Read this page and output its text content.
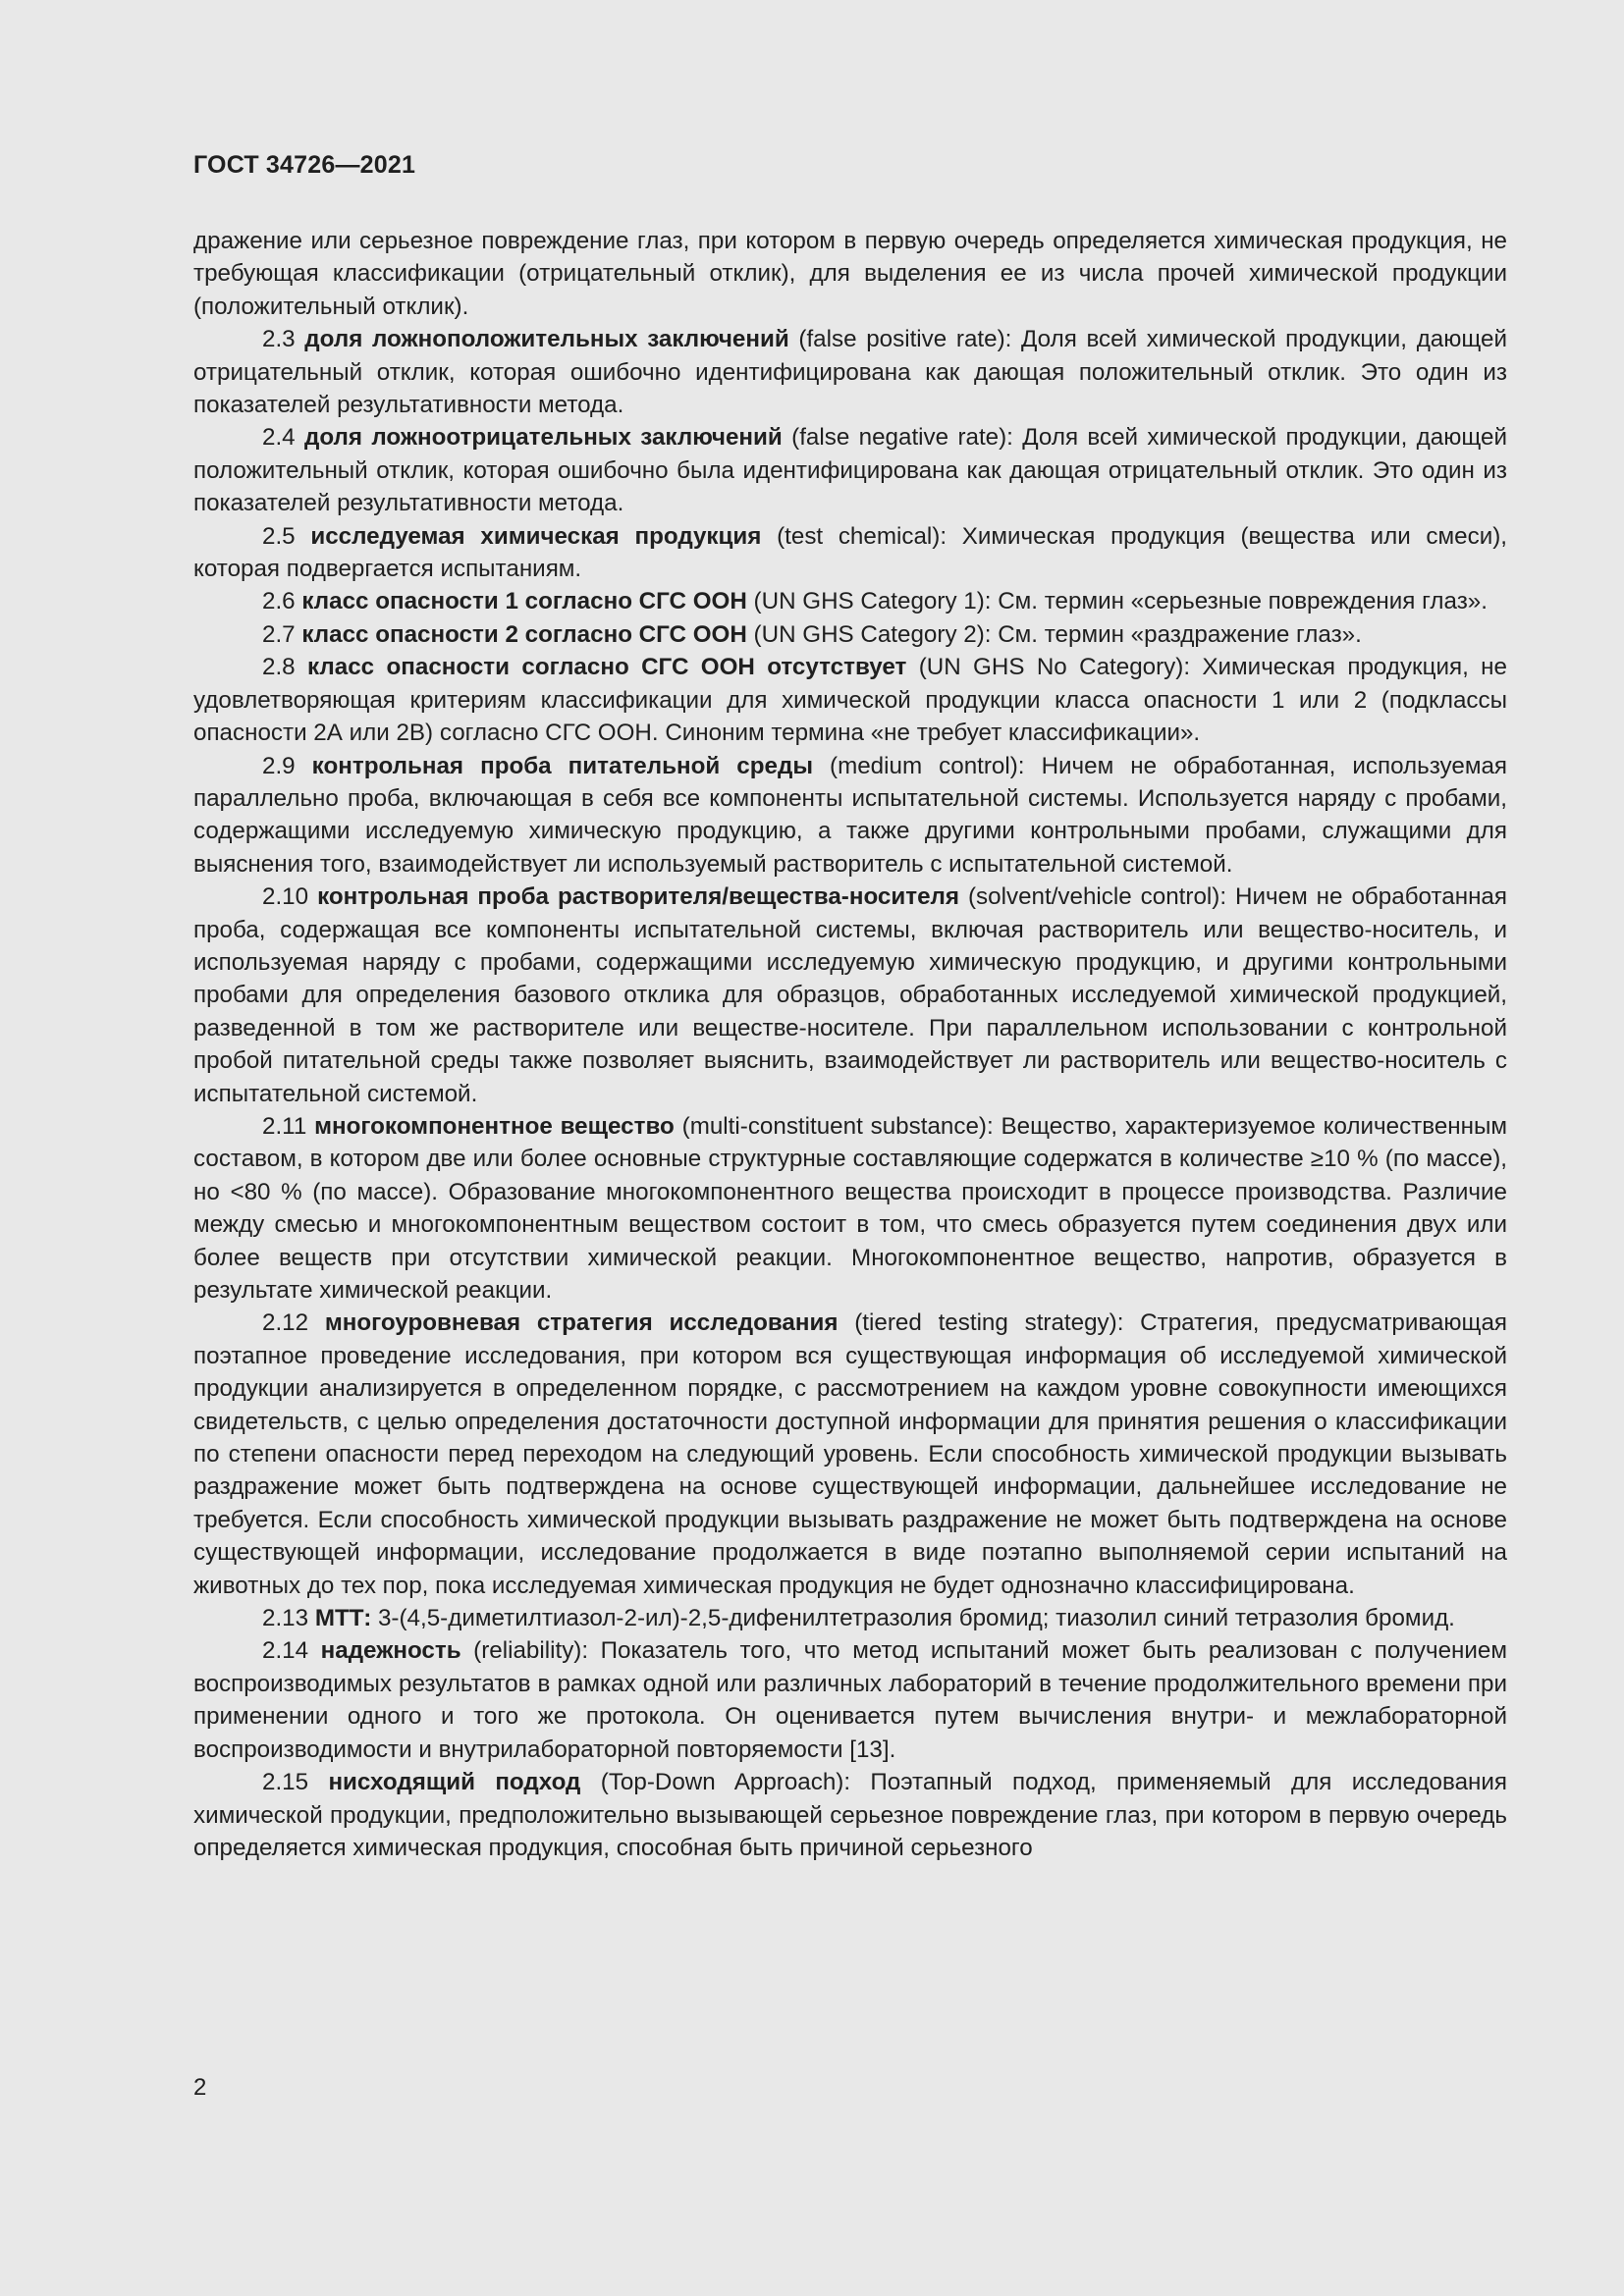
ГОСТ 34726—2021

дражение или серьезное повреждение глаз, при котором в первую очередь определяется химическая продукция, не требующая классификации (отрицательный отклик), для выделения ее из числа прочей химической продукции (положительный отклик).

2.3 доля ложноположительных заключений (false positive rate): Доля всей химической продукции, дающей отрицательный отклик, которая ошибочно идентифицирована как дающая положительный отклик. Это один из показателей результативности метода.

2.4 доля ложноотрицательных заключений (false negative rate): Доля всей химической продукции, дающей положительный отклик, которая ошибочно была идентифицирована как дающая отрицательный отклик. Это один из показателей результативности метода.

2.5 исследуемая химическая продукция (test chemical): Химическая продукция (вещества или смеси), которая подвергается испытаниям.

2.6 класс опасности 1 согласно СГС ООН (UN GHS Category 1): См. термин «серьезные повреждения глаз».

2.7 класс опасности 2 согласно СГС ООН (UN GHS Category 2): См. термин «раздражение глаз».

2.8 класс опасности согласно СГС ООН отсутствует (UN GHS No Category): Химическая продукция, не удовлетворяющая критериям классификации для химической продукции класса опасности 1 или 2 (подклассы опасности 2А или 2В) согласно СГС ООН. Синоним термина «не требует классификации».

2.9 контрольная проба питательной среды (medium control): Ничем не обработанная, используемая параллельно проба, включающая в себя все компоненты испытательной системы. Используется наряду с пробами, содержащими исследуемую химическую продукцию, а также другими контрольными пробами, служащими для выяснения того, взаимодействует ли используемый растворитель с испытательной системой.

2.10 контрольная проба растворителя/вещества-носителя (solvent/vehicle control): Ничем не обработанная проба, содержащая все компоненты испытательной системы, включая растворитель или вещество-носитель, и используемая наряду с пробами, содержащими исследуемую химическую продукцию, и другими контрольными пробами для определения базового отклика для образцов, обработанных исследуемой химической продукцией, разведенной в том же растворителе или веществе-носителе. При параллельном использовании с контрольной пробой питательной среды также позволяет выяснить, взаимодействует ли растворитель или вещество-носитель с испытательной системой.

2.11 многокомпонентное вещество (multi-constituent substance): Вещество, характеризуемое количественным составом, в котором две или более основные структурные составляющие содержатся в количестве ≥10 % (по массе), но <80 % (по массе). Образование многокомпонентного вещества происходит в процессе производства. Различие между смесью и многокомпонентным веществом состоит в том, что смесь образуется путем соединения двух или более веществ при отсутствии химической реакции. Многокомпонентное вещество, напротив, образуется в результате химической реакции.

2.12 многоуровневая стратегия исследования (tiered testing strategy): Стратегия, предусматривающая поэтапное проведение исследования, при котором вся существующая информация об исследуемой химической продукции анализируется в определенном порядке, с рассмотрением на каждом уровне совокупности имеющихся свидетельств, с целью определения достаточности доступной информации для принятия решения о классификации по степени опасности перед переходом на следующий уровень. Если способность химической продукции вызывать раздражение может быть подтверждена на основе существующей информации, дальнейшее исследование не требуется. Если способность химической продукции вызывать раздражение не может быть подтверждена на основе существующей информации, исследование продолжается в виде поэтапно выполняемой серии испытаний на животных до тех пор, пока исследуемая химическая продукция не будет однозначно классифицирована.

2.13 МТТ: 3-(4,5-диметилтиазол-2-ил)-2,5-дифенилтетразолия бромид; тиазолил синий тетразолия бромид.

2.14 надежность (reliability): Показатель того, что метод испытаний может быть реализован с получением воспроизводимых результатов в рамках одной или различных лабораторий в течение продолжительного времени при применении одного и того же протокола. Он оценивается путем вычисления внутри- и межлабораторной воспроизводимости и внутрилабораторной повторяемости [13].

2.15 нисходящий подход (Top-Down Approach): Поэтапный подход, применяемый для исследования химической продукции, предположительно вызывающей серьезное повреждение глаз, при котором в первую очередь определяется химическая продукция, способная быть причиной серьезного

2
